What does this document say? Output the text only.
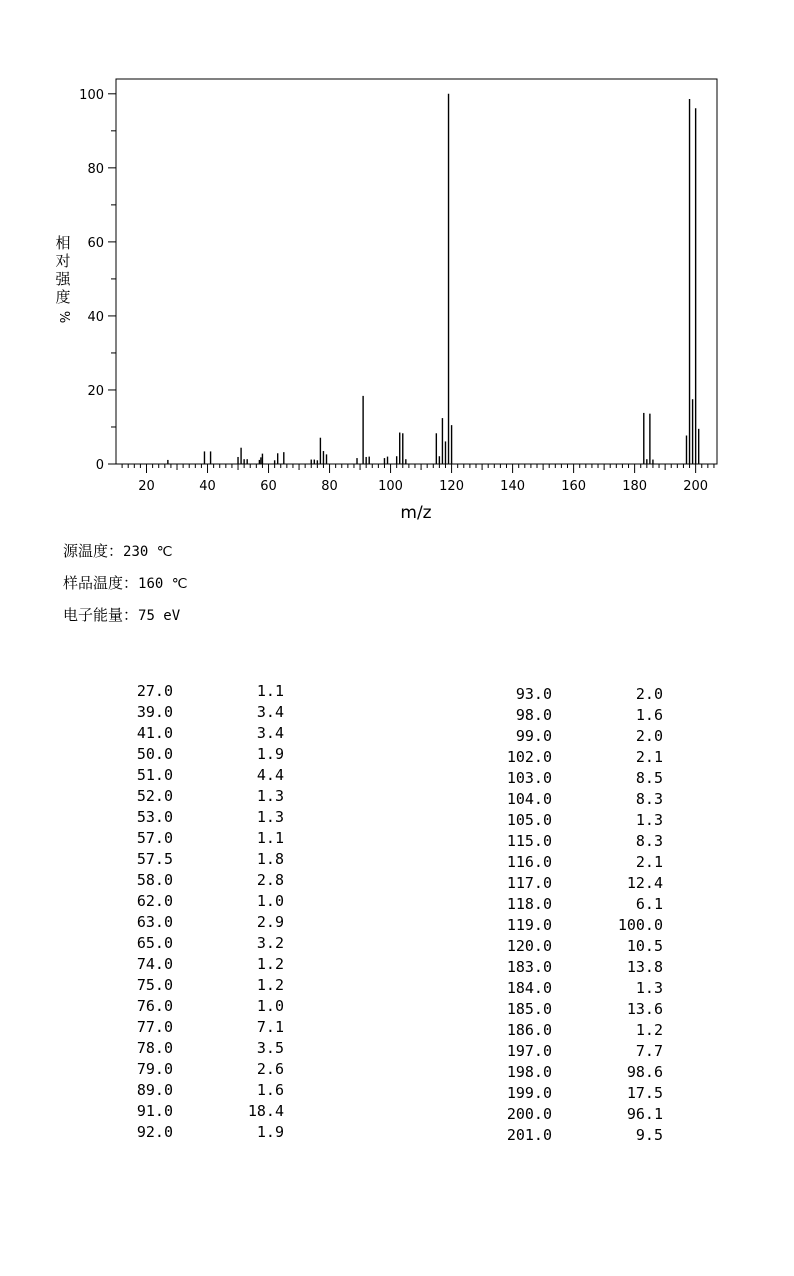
0
20
40
60
80
100
20	40	60	80	100	120	140	160	180	200
m/z
相
对
强
度
%
源温度：230 ℃
样品温度：160 ℃
电子能量：75 eV
27.0	1.1
39.0	3.4
41.0	3.4
50.0	1.9
51.0	4.4
52.0	1.3
53.0	1.3
57.0	1.1
57.5	1.8
58.0	2.8
62.0	1.0
63.0	2.9
65.0	3.2
74.0	1.2
75.0	1.2
76.0	1.0
77.0	7.1
78.0	3.5
79.0	2.6
89.0	1.6
91.0	18.4
92.0	1.9
93.0	2.0
98.0	1.6
99.0	2.0
102.0	2.1
103.0	8.5
104.0	8.3
105.0	1.3
115.0	8.3
116.0	2.1
117.0	12.4
118.0	6.1
119.0	100.0
120.0	10.5
183.0	13.8
184.0	1.3
185.0	13.6
186.0	1.2
197.0	7.7
198.0	98.6
199.0	17.5
200.0	96.1
201.0	9.5
